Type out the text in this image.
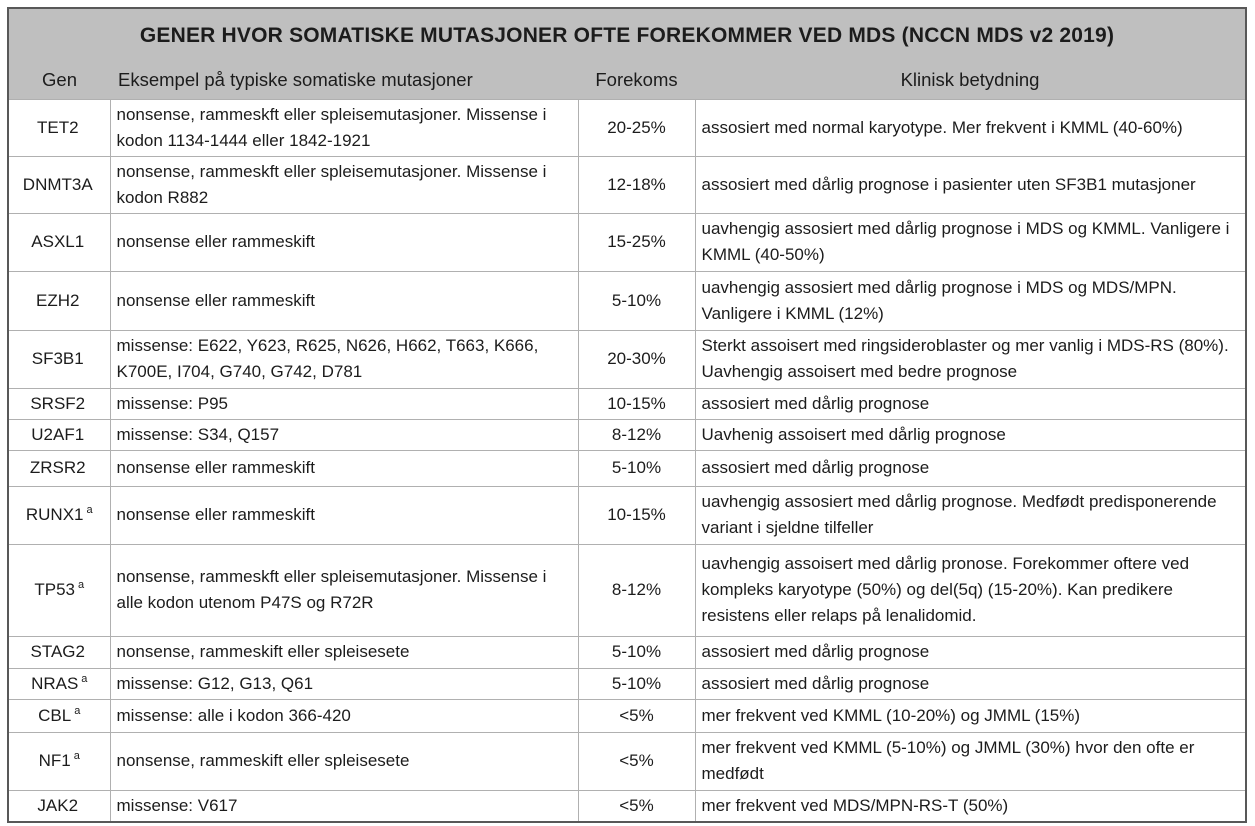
GENER HVOR SOMATISKE MUTASJONER OFTE FOREKOMMER VED MDS (NCCN MDS v2 2019)			
Gen	Eksempel på typiske somatiske mutasjoner	Forekoms	Klinisk betydning
TET2	nonsense, rammeskft eller spleisemutasjoner. Missense i kodon 1134-1444 eller 1842-1921	20-25%	assosiert med normal karyotype. Mer frekvent i KMML (40-60%)
DNMT3A	nonsense, rammeskft eller spleisemutasjoner. Missense i kodon R882	12-18%	assosiert med dårlig prognose i pasienter uten SF3B1 mutasjoner
ASXL1	nonsense eller rammeskift	15-25%	uavhengig assosiert med dårlig prognose i MDS og KMML. Vanligere i KMML (40-50%)
EZH2	nonsense eller rammeskift	5-10%	uavhengig assosiert med dårlig prognose i MDS og MDS/MPN. Vanligere i KMML (12%)
SF3B1	missense: E622, Y623, R625, N626, H662, T663, K666, K700E, I704, G740, G742, D781	20-30%	Sterkt assoisert med ringsideroblaster og mer vanlig i MDS-RS (80%). Uavhengig assoisert med bedre prognose
SRSF2	missense: P95	10-15%	assosiert med dårlig prognose
U2AF1	missense: S34, Q157	8-12%	Uavhenig assoisert med dårlig prognose
ZRSR2	nonsense eller rammeskift	5-10%	assosiert med dårlig prognose
RUNX1 $^a$	nonsense eller rammeskift	10-15%	uavhengig assosiert med dårlig prognose. Medfødt predisponerende variant i sjeldne tilfeller
TP53 $^a$	nonsense, rammeskft eller spleisemutasjoner. Missense i alle kodon utenom P47S og R72R	8-12%	uavhengig assoisert med dårlig pronose. Forekommer oftere ved kompleks karyotype (50%) og del(5q) (15-20%). Kan predikere resistens eller relaps på lenalidomid.
STAG2	nonsense, rammeskift eller spleisesete	5-10%	assosiert med dårlig prognose
NRAS $^a$	missense: G12, G13, Q61	5-10%	assosiert med dårlig prognose
CBL $^a$	missense: alle i kodon 366-420	<5%	mer frekvent ved KMML (10-20%) og JMML (15%)
NF1 $^a$	nonsense, rammeskift eller spleisesete	<5%	mer frekvent ved KMML (5-10%) og JMML (30%) hvor den ofte er medfødt
JAK2	missense: V617	<5%	mer frekvent ved MDS/MPN-RS-T (50%)
